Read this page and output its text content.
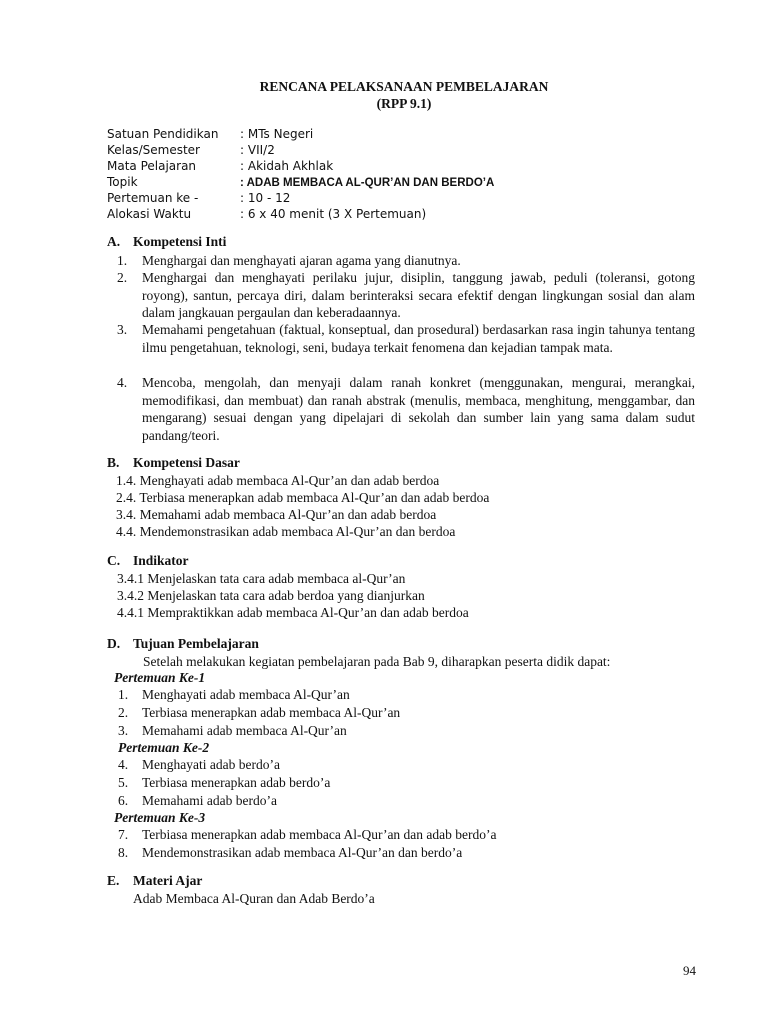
RENCANA PELAKSANAAN PEMBELAJARAN
(RPP 9.1)
Satuan Pendidikan : MTs Negeri
Kelas/Semester	: VII/2
Mata Pelajaran	: Akidah Akhlak
Topik	: ADAB MEMBACA AL-QUR’AN DAN BERDO’A
Pertemuan ke -	: 10 - 12
Alokasi Waktu	: 6 x 40 menit (3 X Pertemuan)
A. Kompetensi Inti
1. Menghargai dan menghayati ajaran agama yang dianutnya.
2. Menghargai dan menghayati perilaku jujur, disiplin, tanggung jawab, peduli (toleransi, gotong royong), santun, percaya diri, dalam berinteraksi secara efektif dengan lingkungan sosial dan alam dalam jangkauan pergaulan dan keberadaannya.
3. Memahami pengetahuan (faktual, konseptual, dan prosedural) berdasarkan rasa ingin tahunya tentang ilmu pengetahuan, teknologi, seni, budaya terkait fenomena dan kejadian tampak mata.
4. Mencoba, mengolah, dan menyaji dalam ranah konkret (menggunakan, mengurai, merangkai, memodifikasi, dan membuat) dan ranah abstrak (menulis, membaca, menghitung, menggambar, dan mengarang) sesuai dengan yang dipelajari di sekolah dan sumber lain yang sama dalam sudut pandang/teori.
B. Kompetensi Dasar
1.4. Menghayati adab membaca Al-Qur’an dan adab berdoa
2.4. Terbiasa menerapkan adab membaca Al-Qur’an dan adab berdoa
3.4. Memahami adab membaca Al-Qur’an dan adab berdoa
4.4. Mendemonstrasikan adab membaca Al-Qur’an dan berdoa
C. Indikator
3.4.1 Menjelaskan tata cara adab membaca al-Qur’an
3.4.2 Menjelaskan tata cara adab berdoa yang dianjurkan
4.4.1 Mempraktikkan adab membaca Al-Qur’an dan adab berdoa
D. Tujuan Pembelajaran
Setelah melakukan kegiatan pembelajaran pada Bab 9, diharapkan peserta didik dapat:
Pertemuan Ke-1
1. Menghayati adab membaca Al-Qur’an
2. Terbiasa menerapkan adab membaca Al-Qur’an
3. Memahami adab membaca Al-Qur’an
Pertemuan Ke-2
4. Menghayati adab berdo’a
5. Terbiasa menerapkan adab berdo’a
6. Memahami adab berdo’a
Pertemuan Ke-3
7. Terbiasa menerapkan adab membaca Al-Qur’an dan adab berdo’a
8. Mendemonstrasikan adab membaca Al-Qur’an dan berdo’a
E. Materi Ajar
Adab Membaca Al-Quran dan Adab Berdo’a
94
